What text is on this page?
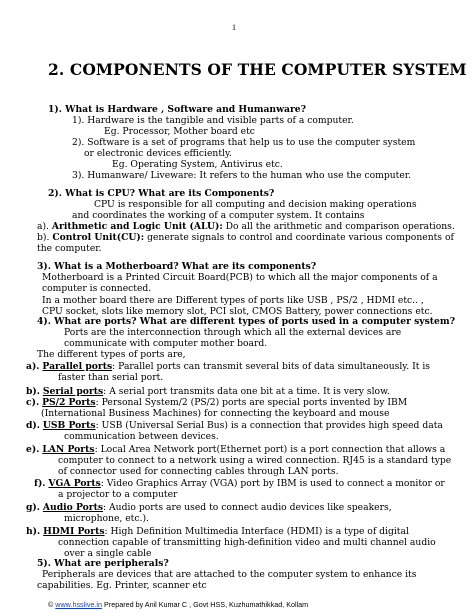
1
2. COMPONENTS OF THE COMPUTER SYSTEM
1). What is Hardware , Software and Humanware?
1). Hardware is the tangible and visible parts of a computer.
Eg. Processor, Mother board etc
2). Software is a set of programs that help us to use the computer system
or electronic devices efficiently.
Eg. Operating System, Antivirus etc.
3). Humanware/ Liveware: It refers to the human who use the computer.
2). What is CPU? What are its Components?
CPU is responsible for all computing and decision making operations
and coordinates the working of a computer system. It contains
a). Arithmetic and Logic Unit (ALU): Do all the arithmetic and comparison operations.
b). Control Unit(CU): generate signals to control and coordinate various components of
the computer.
3). What is a Motherboard? What are its components?
Motherboard is a Printed Circuit Board(PCB) to which all the major components of a
computer is connected.
In a mother board there are Different types of ports like USB , PS/2 , HDMI etc.. ,
CPU socket, slots like memory slot, PCI slot, CMOS Battery, power connections etc.
4). What are ports? What are different types of ports used in a computer system?
Ports are the interconnection through which all the external devices are
communicate with computer mother board.
The different types of ports are,
a). Parallel ports: Parallel ports can transmit several bits of data simultaneously. It is
faster than serial port.
b). Serial ports: A serial port transmits data one bit at a time. It is very slow.
c). PS/2 Ports: Personal System/2 (PS/2) ports are special ports invented by IBM
(International Business Machines) for connecting the keyboard and mouse
d). USB Ports: USB (Universal Serial Bus) is a connection that provides high speed data
communication between devices.
e). LAN Ports: Local Area Network port(Ethernet port) is a port connection that allows a
computer to connect to a network using a wired connection. RJ45 is a standard type
of connector used for connecting cables through LAN ports.
f). VGA Ports: Video Graphics Array (VGA) port by IBM is used to connect a monitor or
a projector to a computer
g). Audio Ports: Audio ports are used to connect audio devices like speakers,
microphone, etc.).
h). HDMI Ports: High Definition Multimedia Interface (HDMI) is a type of digital
connection capable of transmitting high-definition video and multi channel audio
over a single cable
5). What are peripherals?
Peripherals are devices that are attached to the computer system to enhance its
capabilities. Eg. Printer, scanner etc
© www.hsslive.in Prepared by Anil Kumar C , Govt HSS, Kuzhumathikkad, Kollam
